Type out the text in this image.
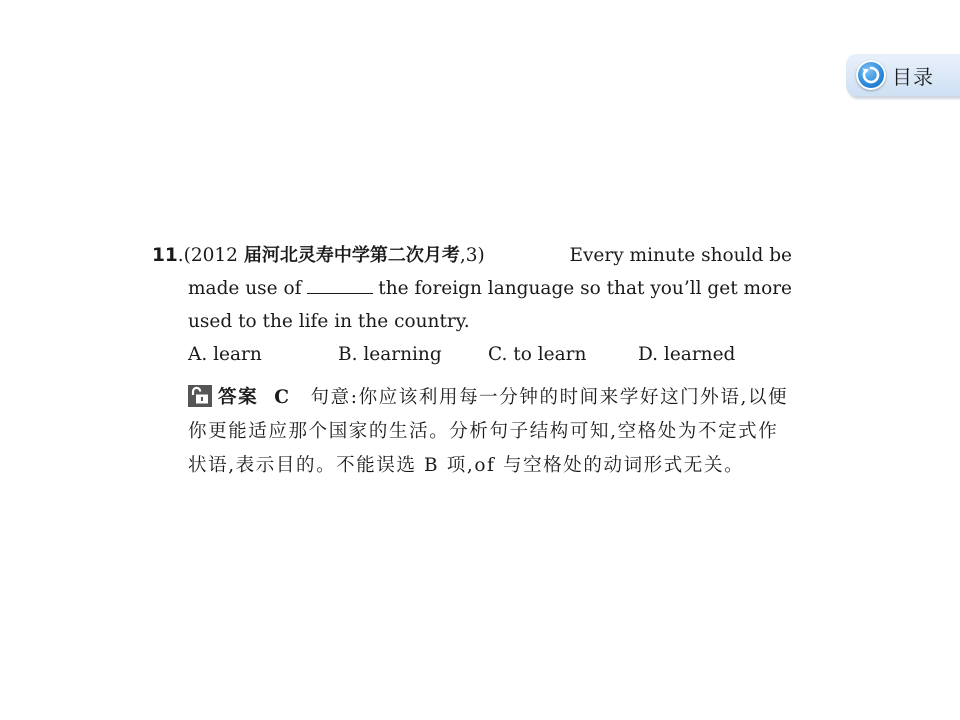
目录
11.(2012 届河北灵寿中学第二次月考,3)	Every minute should be
made use of	the foreign language so that you’ll get more
used to the life in the country.
A. learn	B. learning	C. to learn	D. learned
答案 C 句意:你应该利用每一分钟的时间来学好这门外语,以便你更能适应那个国家的生活。分析句子结构可知,空格处为不定式作状语,表示目的。不能误选 B 项,of 与空格处的动词形式无关。
